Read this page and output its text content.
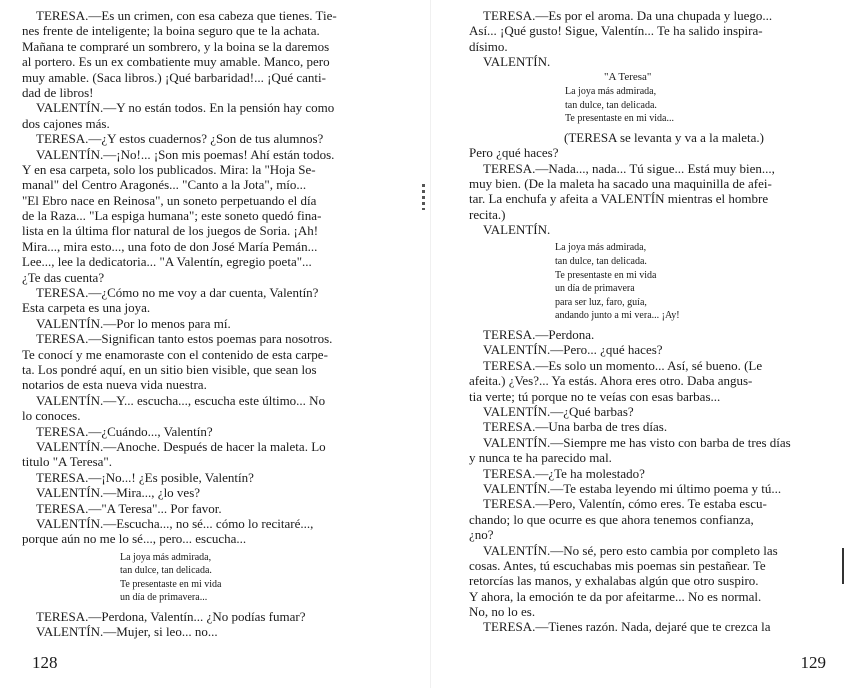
TERESA.—Es un crimen, con esa cabeza que tienes. Tie-
nes frente de inteligente; la boina seguro que te la achata.
Mañana te compraré un sombrero, y la boina se la daremos
al portero. Es un ex combatiente muy amable. Manco, pero
muy amable. (Saca libros.) ¡Qué barbaridad!... ¡Qué canti-
dad de libros!
VALENTÍN.—Y no están todos. En la pensión hay como
dos cajones más.
TERESA.—¿Y estos cuadernos? ¿Son de tus alumnos?
VALENTÍN.—¡No!... ¡Son mis poemas! Ahí están todos.
Y en esa carpeta, solo los publicados. Mira: la "Hoja Se-
manal" del Centro Aragonés... "Canto a la Jota", mío...
"El Ebro nace en Reinosa", un soneto perpetuando el día
de la Raza... "La espiga humana"; este soneto quedó fina-
lista en la última flor natural de los juegos de Soria. ¡Ah!
Mira..., mira esto..., una foto de don José María Pemán...
Lee..., lee la dedicatoria... "A Valentín, egregio poeta"...
¿Te das cuenta?
TERESA.—¿Cómo no me voy a dar cuenta, Valentín?
Esta carpeta es una joya.
VALENTÍN.—Por lo menos para mí.
TERESA.—Significan tanto estos poemas para nosotros.
Te conocí y me enamoraste con el contenido de esta carpe-
ta. Los pondré aquí, en un sitio bien visible, que sean los
notarios de esta nueva vida nuestra.
VALENTÍN.—Y... escucha..., escucha este último... No
lo conoces.
TERESA.—¿Cuándo..., Valentín?
VALENTÍN.—Anoche. Después de hacer la maleta. Lo
titulo "A Teresa".
TERESA.—¡No...! ¿Es posible, Valentín?
VALENTÍN.—Mira..., ¿lo ves?
TERESA.—"A Teresa"... Por favor.
VALENTÍN.—Escucha..., no sé... cómo lo recitaré...,
porque aún no me lo sé..., pero... escucha...
La joya más admirada,
tan dulce, tan delicada.
Te presentaste en mi vida
un día de primavera...
TERESA.—Perdona, Valentín... ¿No podías fumar?
VALENTÍN.—Mujer, si leo... no...
128
TERESA.—Es por el aroma. Da una chupada y luego...
Así... ¡Qué gusto! Sigue, Valentín... Te ha salido inspira-
dísimo.
VALENTÍN.
"A Teresa"
La joya más admirada,
tan dulce, tan delicada.
Te presentaste en mi vida...
(TERESA se levanta y va a la maleta.)
Pero ¿qué haces?
TERESA.—Nada..., nada... Tú sigue... Está muy bien...,
muy bien. (De la maleta ha sacado una maquinilla de afei-
tar. La enchufa y afeita a VALENTÍN mientras el hombre
recita.)
VALENTÍN.
La joya más admirada,
tan dulce, tan delicada.
Te presentaste en mi vida
un día de primavera
para ser luz, faro, guía,
andando junto a mi vera... ¡Ay!
TERESA.—Perdona.
VALENTÍN.—Pero... ¿qué haces?
TERESA.—Es solo un momento... Así, sé bueno. (Le
afeita.) ¿Ves?... Ya estás. Ahora eres otro. Daba angus-
tia verte; tú porque no te veías con esas barbas...
VALENTÍN.—¿Qué barbas?
TERESA.—Una barba de tres días.
VALENTÍN.—Siempre me has visto con barba de tres días
y nunca te ha parecido mal.
TERESA.—¿Te ha molestado?
VALENTÍN.—Te estaba leyendo mi último poema y tú...
TERESA.—Pero, Valentín, cómo eres. Te estaba escu-
chando; lo que ocurre es que ahora tenemos confianza,
¿no?
VALENTÍN.—No sé, pero esto cambia por completo las
cosas. Antes, tú escuchabas mis poemas sin pestañear. Te
retorcías las manos, y exhalabas algún que otro suspiro.
Y ahora, la emoción te da por afeitarme... No es normal.
No, no lo es.
TERESA.—Tienes razón. Nada, dejaré que te crezca la
129
